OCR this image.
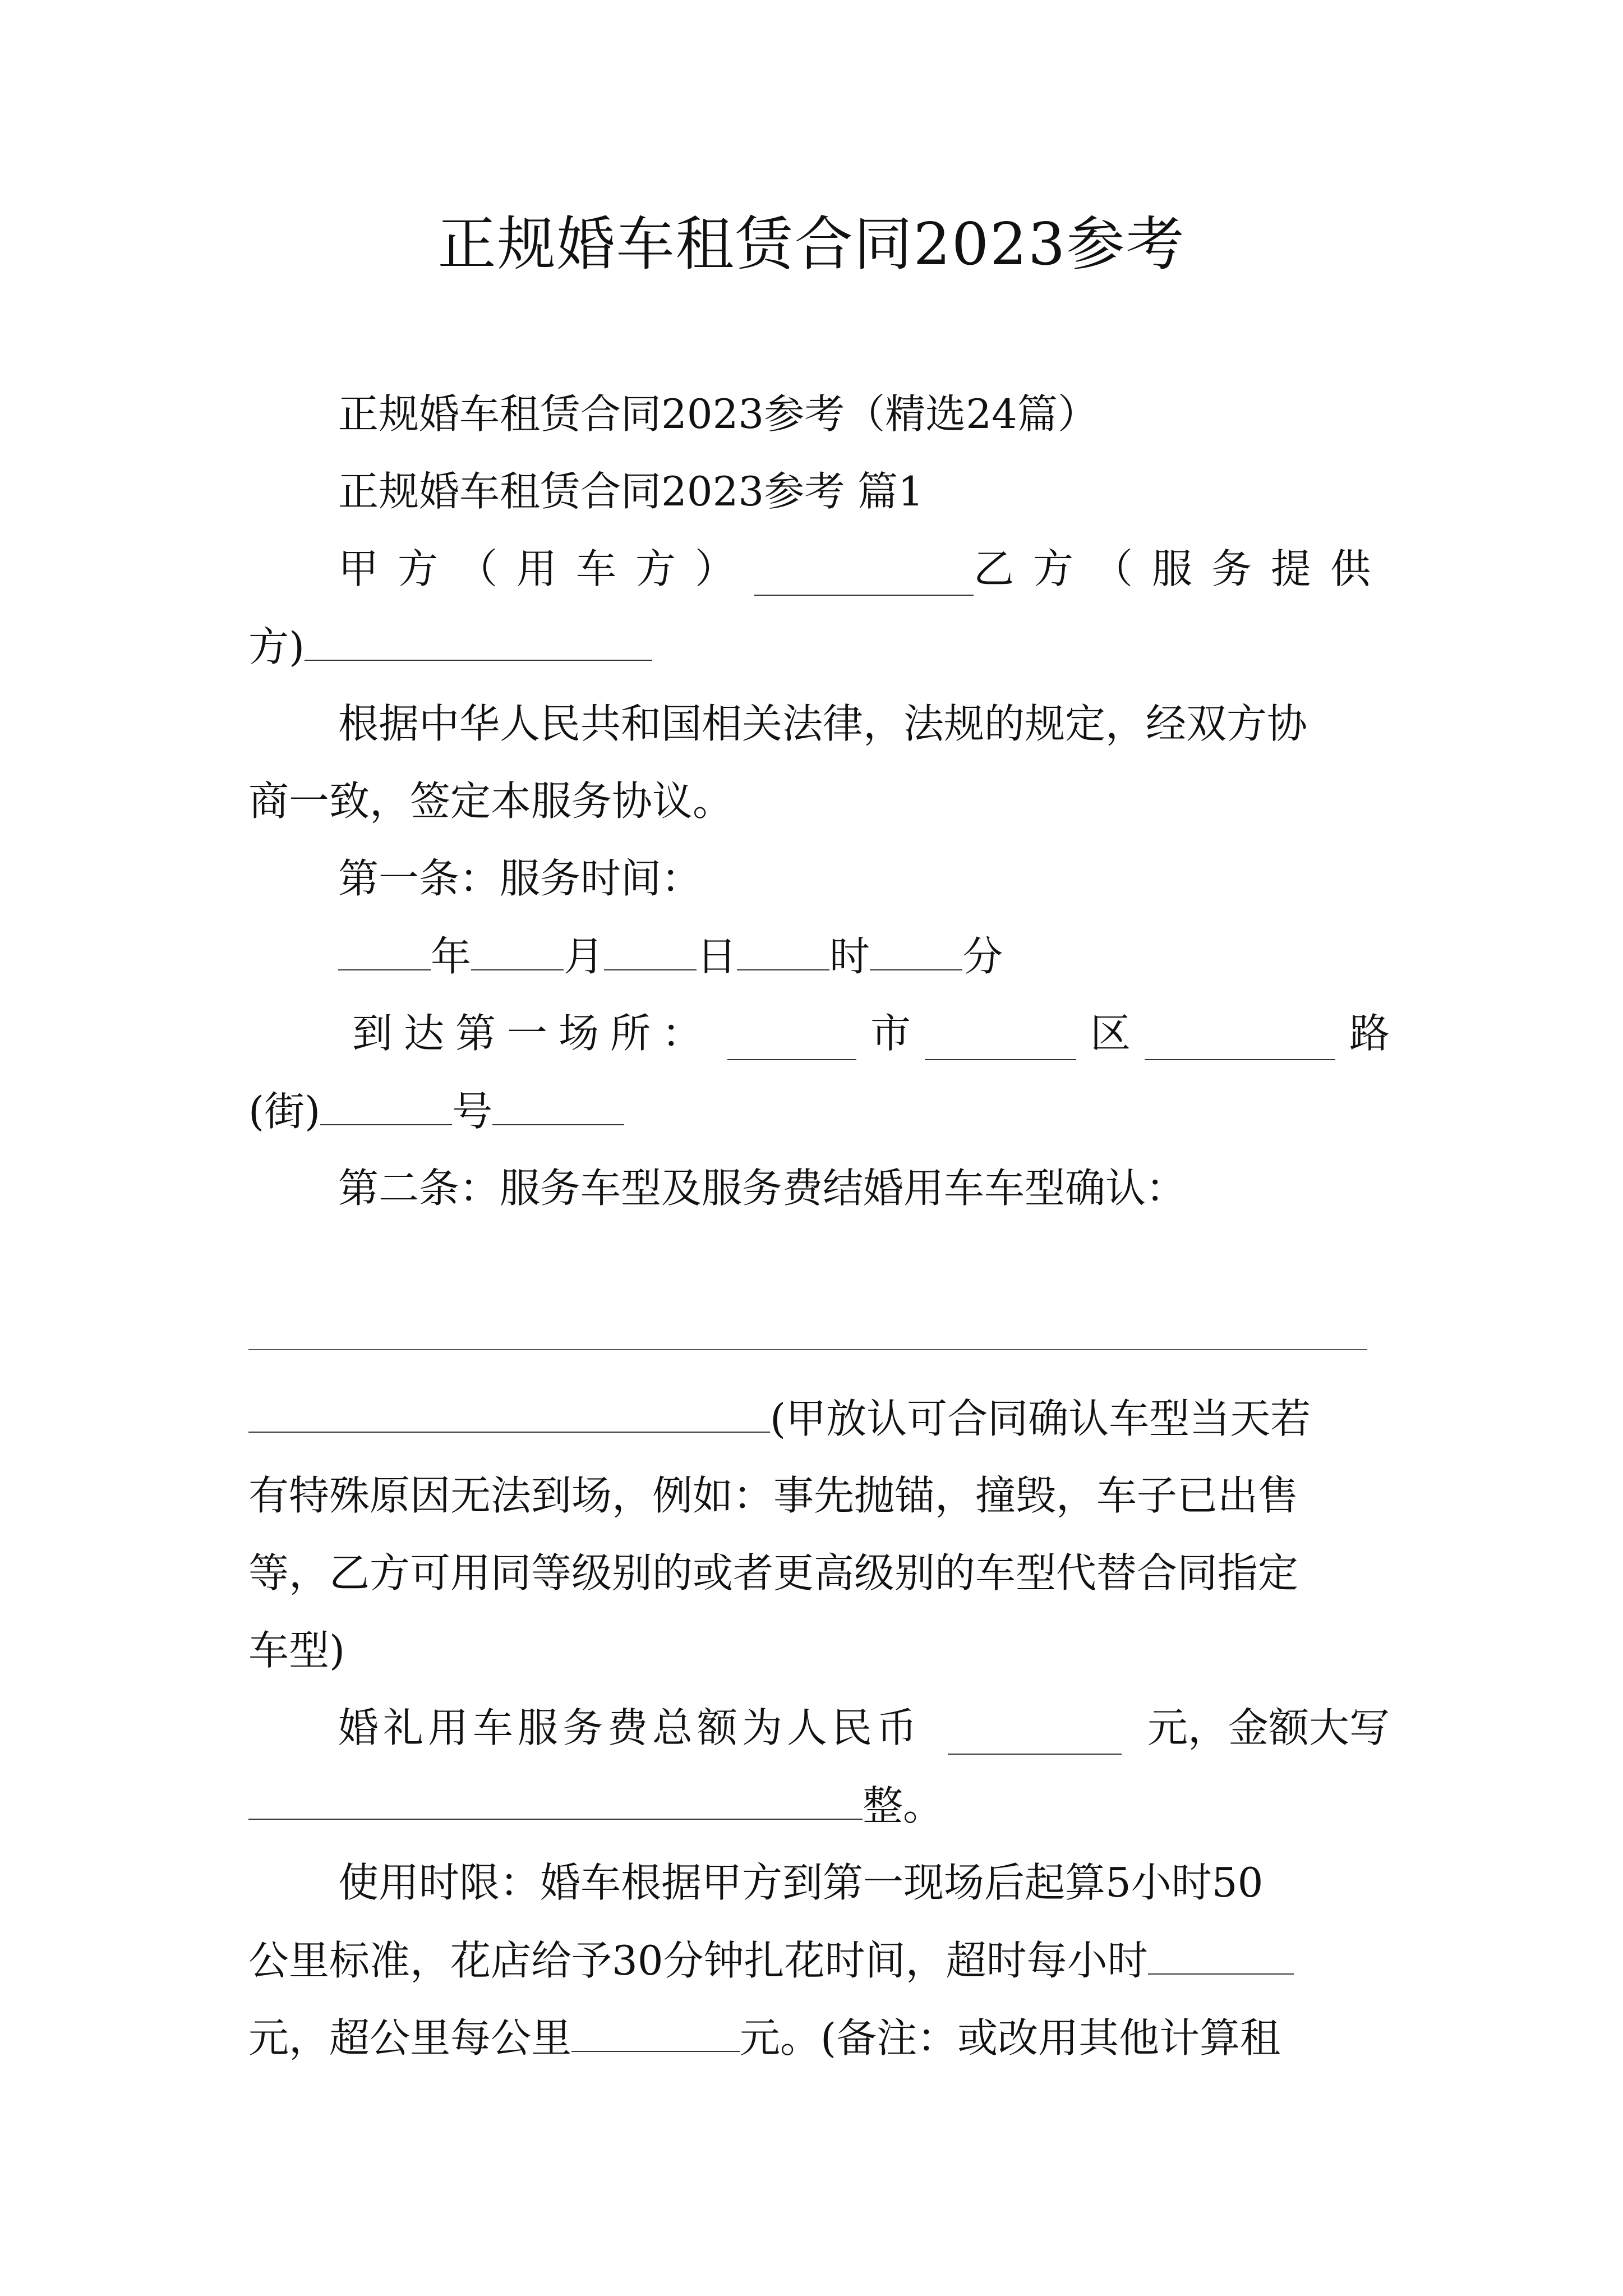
正规婚车租赁合同2023参考

正规婚车租赁合同2023参考（精选24篇）

正规婚车租赁合同2023参考 篇1

甲方（用车方）	乙方（服务提供

方)

根据中华人民共和国相关法律，法规的规定，经双方协

商一致，签定本服务协议。

第一条：服务时间：

年 月 日 时 分

到达第一场所：	市	区	路

(街)	号

第二条：服务车型及服务费结婚用车车型确认：

(甲放认可合同确认车型当天若

有特殊原因无法到场，例如：事先抛锚，撞毁，车子已出售

等，乙方可用同等级别的或者更高级别的车型代替合同指定

车型)

婚礼用车服务费总额为人民币	元，金额大写

整。

使用时限：婚车根据甲方到第一现场后起算5小时50

公里标准，花店给予30分钟扎花时间，超时每小时

元，超公里每公里	元。(备注：或改用其他计算租
